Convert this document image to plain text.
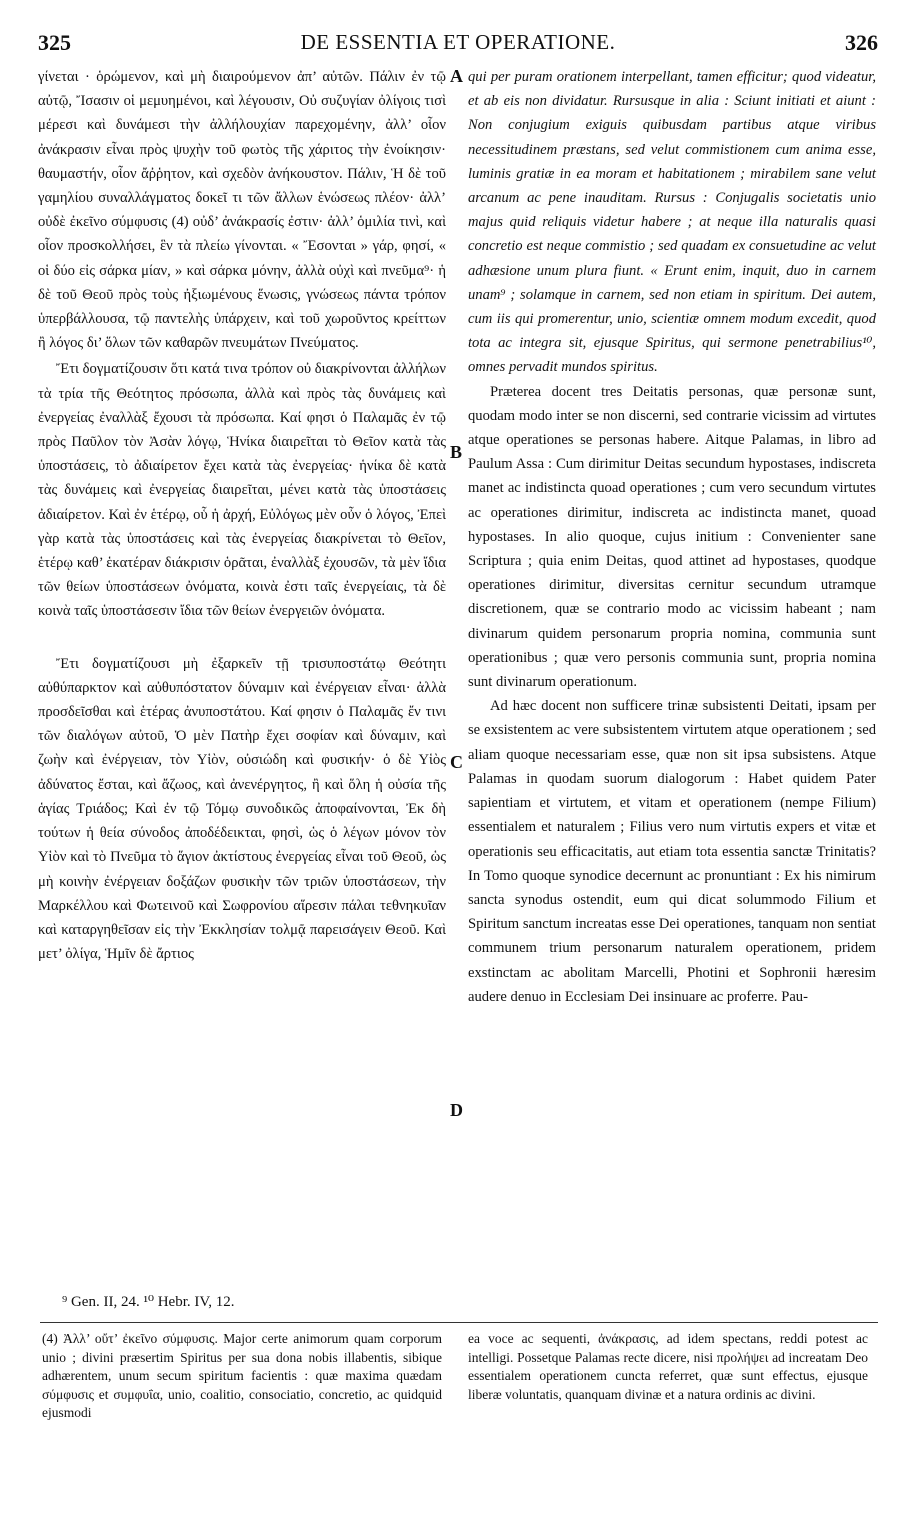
325	DE ESSENTIA ET OPERATIONE.	326

γίνεται · ὁρώμενον, καὶ μὴ διαιρούμενον ἀπ’ αὐτῶν. Πάλιν ἐν τῷ αὐτῷ, Ἴσασιν οἱ μεμυημένοι, καὶ λέγουσιν, Οὐ συζυγίαν ὀλίγοις τισὶ μέρεσι καὶ δυνάμεσι τὴν ἀλλήλουχίαν παρεχομένην, ἀλλ’ οἷον ἀνάκρασιν εἶναι πρὸς ψυχὴν τοῦ φωτὸς τῆς χάριτος τὴν ἐνοίκησιν· θαυμαστήν, οἷον ἄῤῥητον, καὶ σχεδὸν ἀνήκουστον. Πάλιν, Ἡ δὲ τοῦ γαμηλίου συναλλάγματος δοκεῖ τι τῶν ἄλλων ἑνώσεως πλέον· ἀλλ’ οὐδὲ ἐκεῖνο σύμφυσις (4) οὐδ’ ἀνάκρασίς ἐστιν· ἀλλ’ ὁμιλία τινὶ, καὶ οἷον προσκολλήσει, ἓν τὰ πλείω γίνονται. « Ἔσονται » γάρ, φησί, « οἱ δύο εἰς σάρκα μίαν, » καὶ σάρκα μόνην, ἀλλὰ οὐχὶ καὶ πνεῦμα⁹· ἡ δὲ τοῦ Θεοῦ πρὸς τοὺς ἠξιωμένους ἕνωσις, γνώσεως πάντα τρόπον ὑπερβάλλουσα, τῷ παντελὴς ὑπάρχειν, καὶ τοῦ χωροῦντος κρείττων ἢ λόγος δι’ ὅλων τῶν καθαρῶν πνευμάτων Πνεύματος.

Ἔτι δογματίζουσιν ὅτι κατά τινα τρόπον οὐ διακρίνονται ἀλλήλων τὰ τρία τῆς Θεότητος πρόσωπα, ἀλλὰ καὶ πρὸς τὰς δυνάμεις καὶ ἐνεργείας ἐναλλὰξ ἔχουσι τὰ πρόσωπα. Καί φησι ὁ Παλαμᾶς ἐν τῷ πρὸς Παῦλον τὸν Ἀσὰν λόγῳ, Ἡνίκα διαιρεῖται τὸ Θεῖον κατὰ τὰς ὑποστάσεις, τὸ ἀδιαίρετον ἔχει κατὰ τὰς ἐνεργείας· ἡνίκα δὲ κατὰ τὰς δυνάμεις καὶ ἐνεργείας διαιρεῖται, μένει κατὰ τὰς ὑποστάσεις ἀδιαίρετον. Καὶ ἐν ἑτέρῳ, οὗ ἡ ἀρχή, Εὐλόγως μὲν οὖν ὁ λόγος, Ἐπεὶ γὰρ κατὰ τὰς ὑποστάσεις καὶ τὰς ἐνεργείας διακρίνεται τὸ Θεῖον, ἑτέρῳ καθ’ ἑκατέραν διάκρισιν ὁρᾶται, ἐναλλὰξ ἐχουσῶν, τὰ μὲν ἴδια τῶν θείων ὑποστάσεων ὀνόματα, κοινὰ ἐστι ταῖς ἐνεργείαις, τὰ δὲ κοινὰ ταῖς ὑποστάσεσιν ἴδια τῶν θείων ἐνεργειῶν ὀνόματα.

Ἔτι δογματίζουσι μὴ ἐξαρκεῖν τῇ τρισυποστάτῳ Θεότητι αὐθύπαρκτον καὶ αὐθυπόστατον δύναμιν καὶ ἐνέργειαν εἶναι· ἀλλὰ προσδεῖσθαι καὶ ἑτέρας ἀνυποστάτου. Καί φησιν ὁ Παλαμᾶς ἔν τινι τῶν διαλόγων αὐτοῦ, Ὁ μὲν Πατὴρ ἔχει σοφίαν καὶ δύναμιν, καὶ ζωὴν καὶ ἐνέργειαν, τὸν Υἱὸν, οὐσιώδη καὶ φυσικήν· ὁ δὲ Υἱὸς ἀδύνατος ἔσται, καὶ ἄζωος, καὶ ἀνενέργητος, ἢ καὶ ὅλη ἡ οὐσία τῆς ἁγίας Τριάδος; Καὶ ἐν τῷ Τόμῳ συνοδικῶς ἀποφαίνονται, Ἐκ δὴ τούτων ἡ θεία σύνοδος ἀποδέδεικται, φησὶ, ὡς ὁ λέγων μόνον τὸν Υἱὸν καὶ τὸ Πνεῦμα τὸ ἅγιον ἀκτίστους ἐνεργείας εἶναι τοῦ Θεοῦ, ὡς μὴ κοινὴν ἐνέργειαν δοξάζων φυσικὴν τῶν τριῶν ὑποστάσεων, τὴν Μαρκέλλου καὶ Φωτεινοῦ καὶ Σωφρονίου αἵρεσιν πάλαι τεθνηκυῖαν καὶ καταργηθεῖσαν εἰς τὴν Ἐκκλησίαν τολμᾷ παρεισάγειν Θεοῦ. Καὶ μετ’ ὀλίγα, Ἡμῖν δὲ ἄρτιος

A
B
C
D

qui per puram orationem interpellant, tamen efficitur; quod videatur, et ab eis non dividatur. Rursusque in alia : Sciunt initiati et aiunt : Non conjugium exiguis quibusdam partibus atque viribus necessitudinem præstans, sed velut commistionem cum anima esse, luminis gratiæ in ea moram et habitationem ; mirabilem sane velut arcanum ac pene inauditam. Rursus : Conjugalis societatis unio majus quid reliquis videtur habere ; at neque illa naturalis quasi concretio est neque commistio ; sed quadam ex consuetudine ac velut adhæsione unum plura fiunt. « Erunt enim, inquit, duo in carnem unam⁹ ; solamque in carnem, sed non etiam in spiritum. Dei autem, cum iis qui promerentur, unio, scientiæ omnem modum excedit, quod tota ac integra sit, ejusque Spiritus, qui sermone penetrabilius¹⁰, omnes pervadit mundos spiritus.

Præterea docent tres Deitatis personas, quæ personæ sunt, quodam modo inter se non discerni, sed contrarie vicissim ad virtutes atque operationes se personas habere. Aitque Palamas, in libro ad Paulum Assa : Cum dirimitur Deitas secundum hypostases, indiscreta manet ac indistincta quoad operationes ; cum vero secundum virtutes ac operationes dirimitur, indiscreta ac indistincta manet, quoad hypostases. In alio quoque, cujus initium : Convenienter sane Scriptura ; quia enim Deitas, quod attinet ad hypostases, quodque operationes dirimitur, diversitas cernitur secundum utramque discretionem, quæ se contrario modo ac vicissim habeant ; nam divinarum quidem personarum propria nomina, communia sunt operationibus ; quæ vero personis communia sunt, propria nomina sunt divinarum operationum.

Ad hæc docent non sufficere trinæ subsistenti Deitati, ipsam per se exsistentem ac vere subsistentem virtutem atque operationem ; sed aliam quoque necessariam esse, quæ non sit ipsa subsistens. Atque Palamas in quodam suorum dialogorum : Habet quidem Pater sapientiam et virtutem, et vitam et operationem (nempe Filium) essentialem et naturalem ; Filius vero num virtutis expers et vitæ et operationis seu efficacitatis, aut etiam tota essentia sanctæ Trinitatis? In Tomo quoque synodice decernunt ac pronuntiant : Ex his nimirum sancta synodus ostendit, eum qui dicat solummodo Filium et Spiritum sanctum increatas esse Dei operationes, tanquam non sentiat communem trium personarum naturalem operationem, pridem exstinctam ac abolitam Marcelli, Photini et Sophronii hæresim audere denuo in Ecclesiam Dei insinuare ac proferre. Pau-

⁹ Gen. II, 24. ¹⁰ Hebr. IV, 12.
(4) Ἀλλ’ οὔτ’ ἐκεῖνο σύμφυσις. Major certe animorum quam corporum unio ; divini præsertim Spiritus per sua dona nobis illabentis, sibique adhærentem, unum secum spiritum facientis : quæ maxima quædam σύμφυσις et συμφυΐα, unio, coalitio, consociatio, concretio, ac quidquid ejusmodi
ea voce ac sequenti, ἀνάκρασις, ad idem spectans, reddi potest ac intelligi. Possetque Palamas recte dicere, nisi προλήψει ad increatam Deo essentialem operationem cuncta referret, quæ sunt effectus, ejusque liberæ voluntatis, quanquam divinæ et a natura ordinis ac divini.
